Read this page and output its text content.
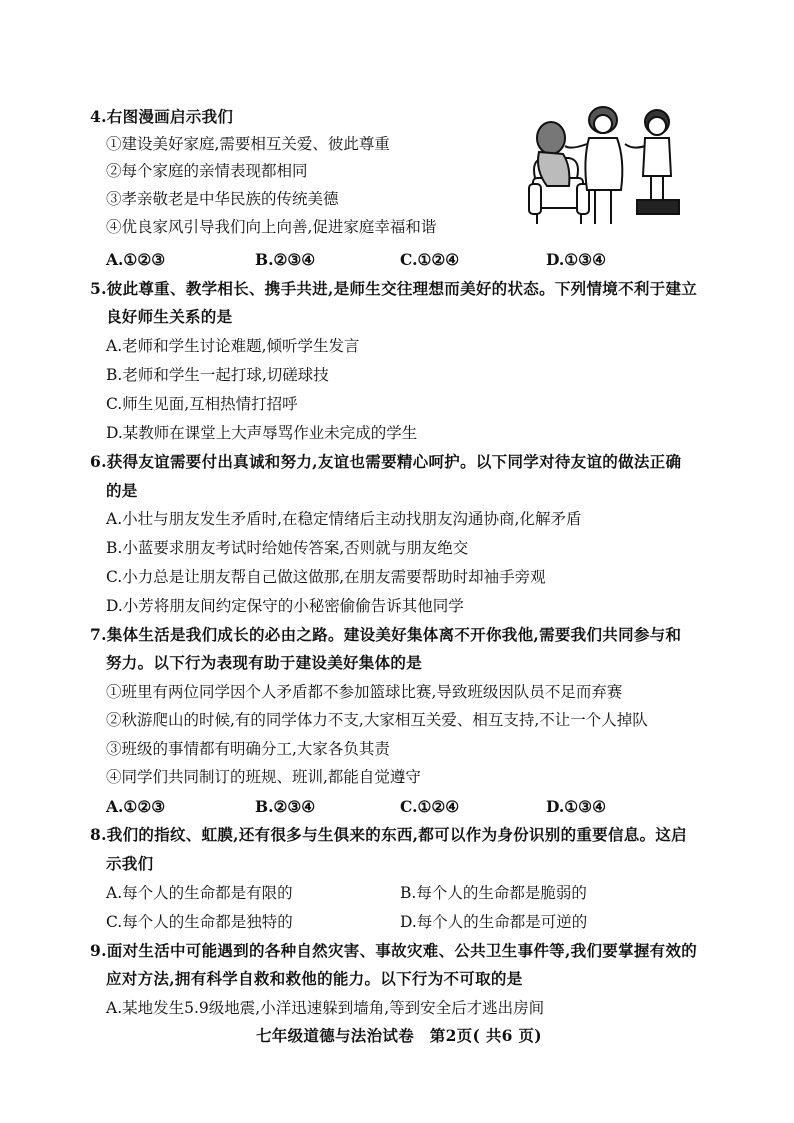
4.右图漫画启示我们
①建设美好家庭,需要相互关爱、彼此尊重
②每个家庭的亲情表现都相同
③孝亲敬老是中华民族的传统美德
④优良家风引导我们向上向善,促进家庭幸福和谐
A.①②③	B.②③④	C.①②④	D.①③④
5.彼此尊重、教学相长、携手共进,是师生交往理想而美好的状态。下列情境不利于建立
良好师生关系的是
A.老师和学生讨论难题,倾听学生发言
B.老师和学生一起打球,切磋球技
C.师生见面,互相热情打招呼
D.某教师在课堂上大声辱骂作业未完成的学生
6.获得友谊需要付出真诚和努力,友谊也需要精心呵护。以下同学对待友谊的做法正确
的是
A.小壮与朋友发生矛盾时,在稳定情绪后主动找朋友沟通协商,化解矛盾
B.小蓝要求朋友考试时给她传答案,否则就与朋友绝交
C.小力总是让朋友帮自己做这做那,在朋友需要帮助时却袖手旁观
D.小芳将朋友间约定保守的小秘密偷偷告诉其他同学
7.集体生活是我们成长的必由之路。建设美好集体离不开你我他,需要我们共同参与和
努力。以下行为表现有助于建设美好集体的是
①班里有两位同学因个人矛盾都不参加篮球比赛,导致班级因队员不足而弃赛
②秋游爬山的时候,有的同学体力不支,大家相互关爱、相互支持,不让一个人掉队
③班级的事情都有明确分工,大家各负其责
④同学们共同制订的班规、班训,都能自觉遵守
A.①②③	B.②③④	C.①②④	D.①③④
8.我们的指纹、虹膜,还有很多与生俱来的东西,都可以作为身份识别的重要信息。这启
示我们
A.每个人的生命都是有限的	B.每个人的生命都是脆弱的
C.每个人的生命都是独特的	D.每个人的生命都是可逆的
9.面对生活中可能遇到的各种自然灾害、事故灾难、公共卫生事件等,我们要掌握有效的
应对方法,拥有科学自救和救他的能力。以下行为不可取的是
A.某地发生5.9级地震,小洋迅速躲到墙角,等到安全后才逃出房间
七年级道德与法治试卷　第2页( 共6 页)
